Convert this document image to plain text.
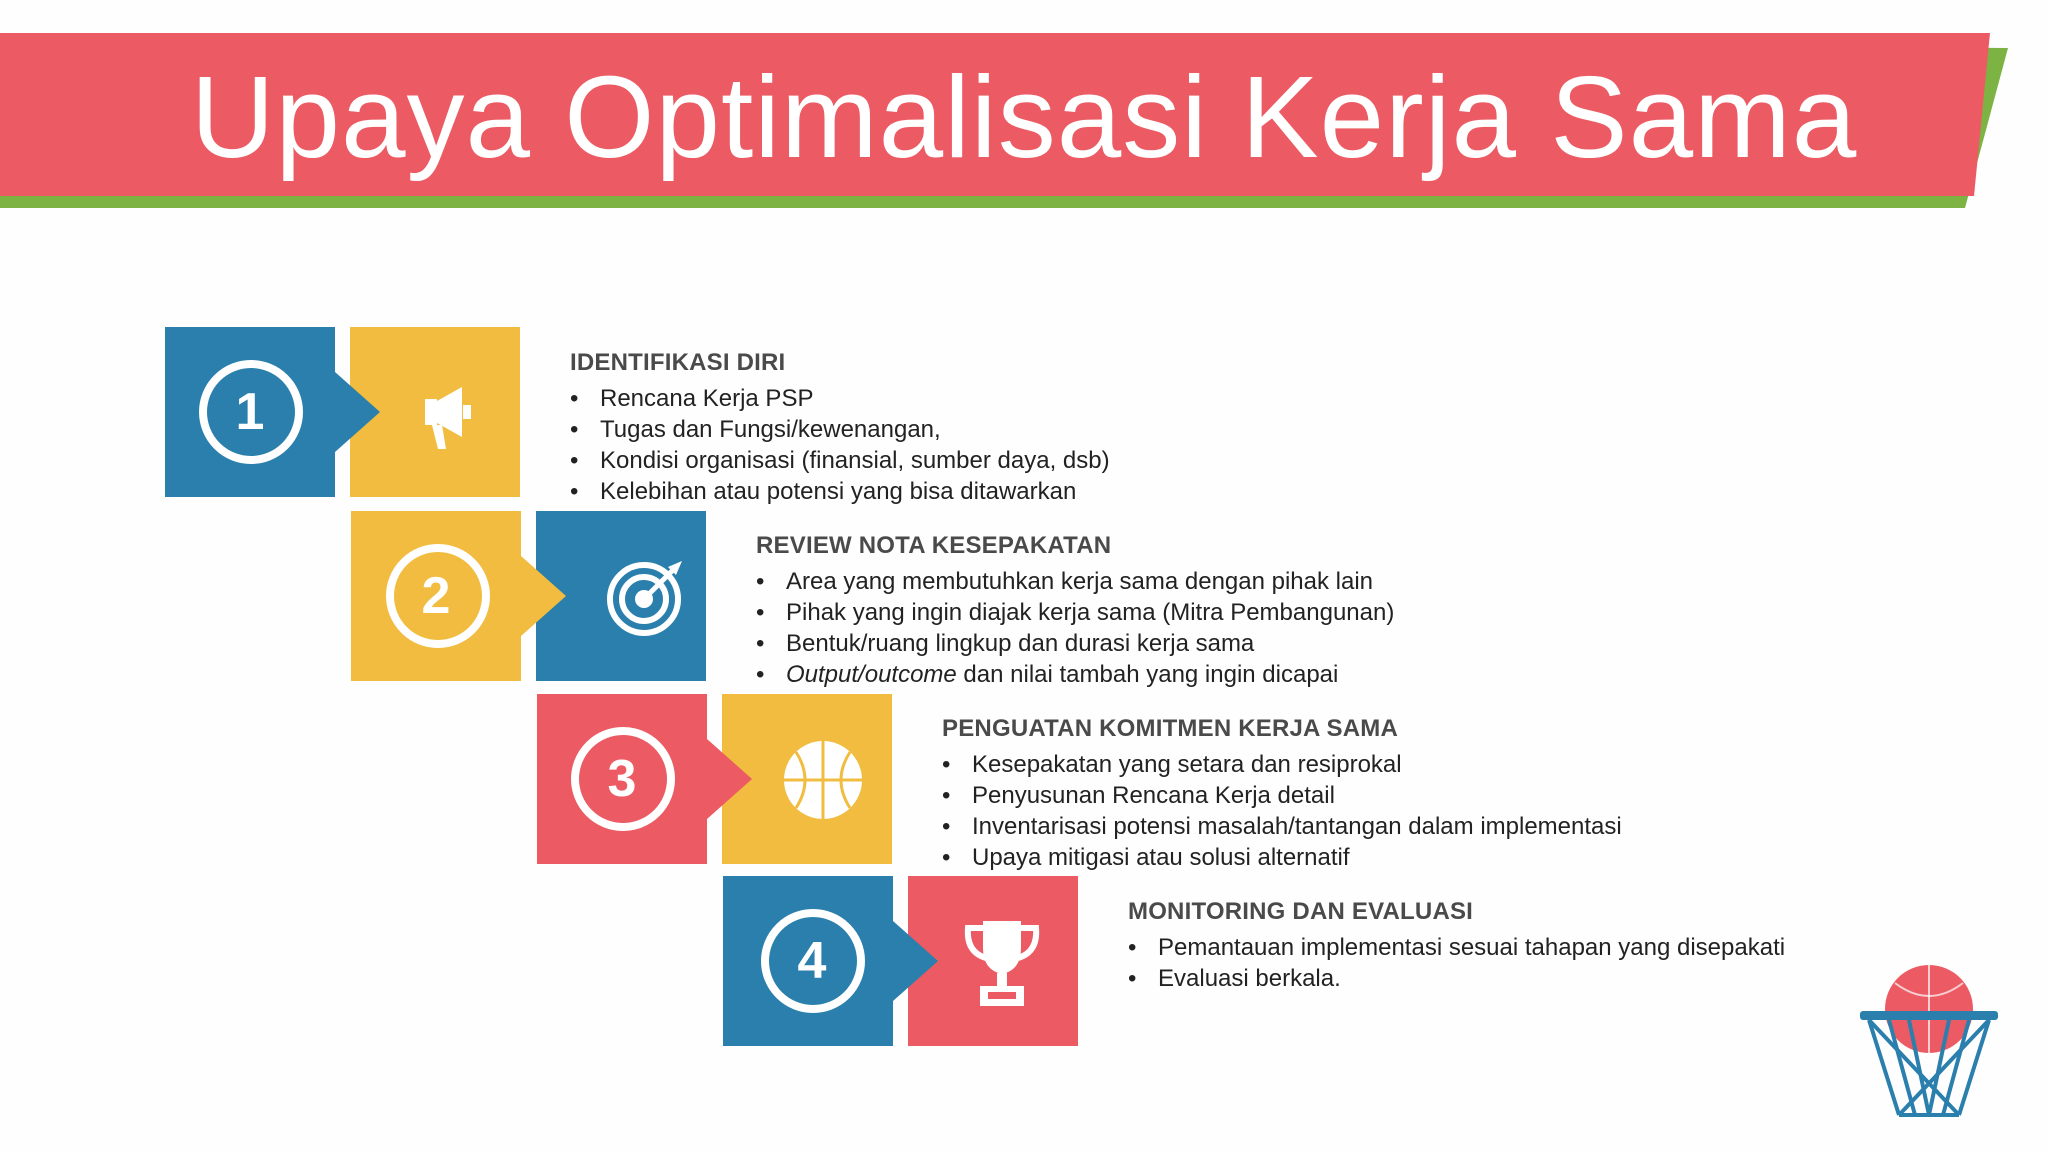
Upaya Optimalisasi Kerja Sama
1
IDENTIFIKASI DIRI
• Rencana Kerja PSP
• Tugas dan Fungsi/kewenangan,
• Kondisi organisasi (finansial, sumber daya, dsb)
• Kelebihan atau potensi yang bisa ditawarkan
2
REVIEW NOTA KESEPAKATAN
• Area yang membutuhkan kerja sama dengan pihak lain
• Pihak yang ingin diajak kerja sama (Mitra Pembangunan)
• Bentuk/ruang lingkup dan durasi kerja sama
• Output/outcome dan nilai tambah yang ingin dicapai
3
PENGUATAN KOMITMEN KERJA SAMA
• Kesepakatan yang setara dan resiprokal
• Penyusunan Rencana Kerja detail
• Inventarisasi potensi masalah/tantangan dalam implementasi
• Upaya mitigasi atau solusi alternatif
4
MONITORING DAN EVALUASI
• Pemantauan implementasi sesuai tahapan yang disepakati
• Evaluasi berkala.
